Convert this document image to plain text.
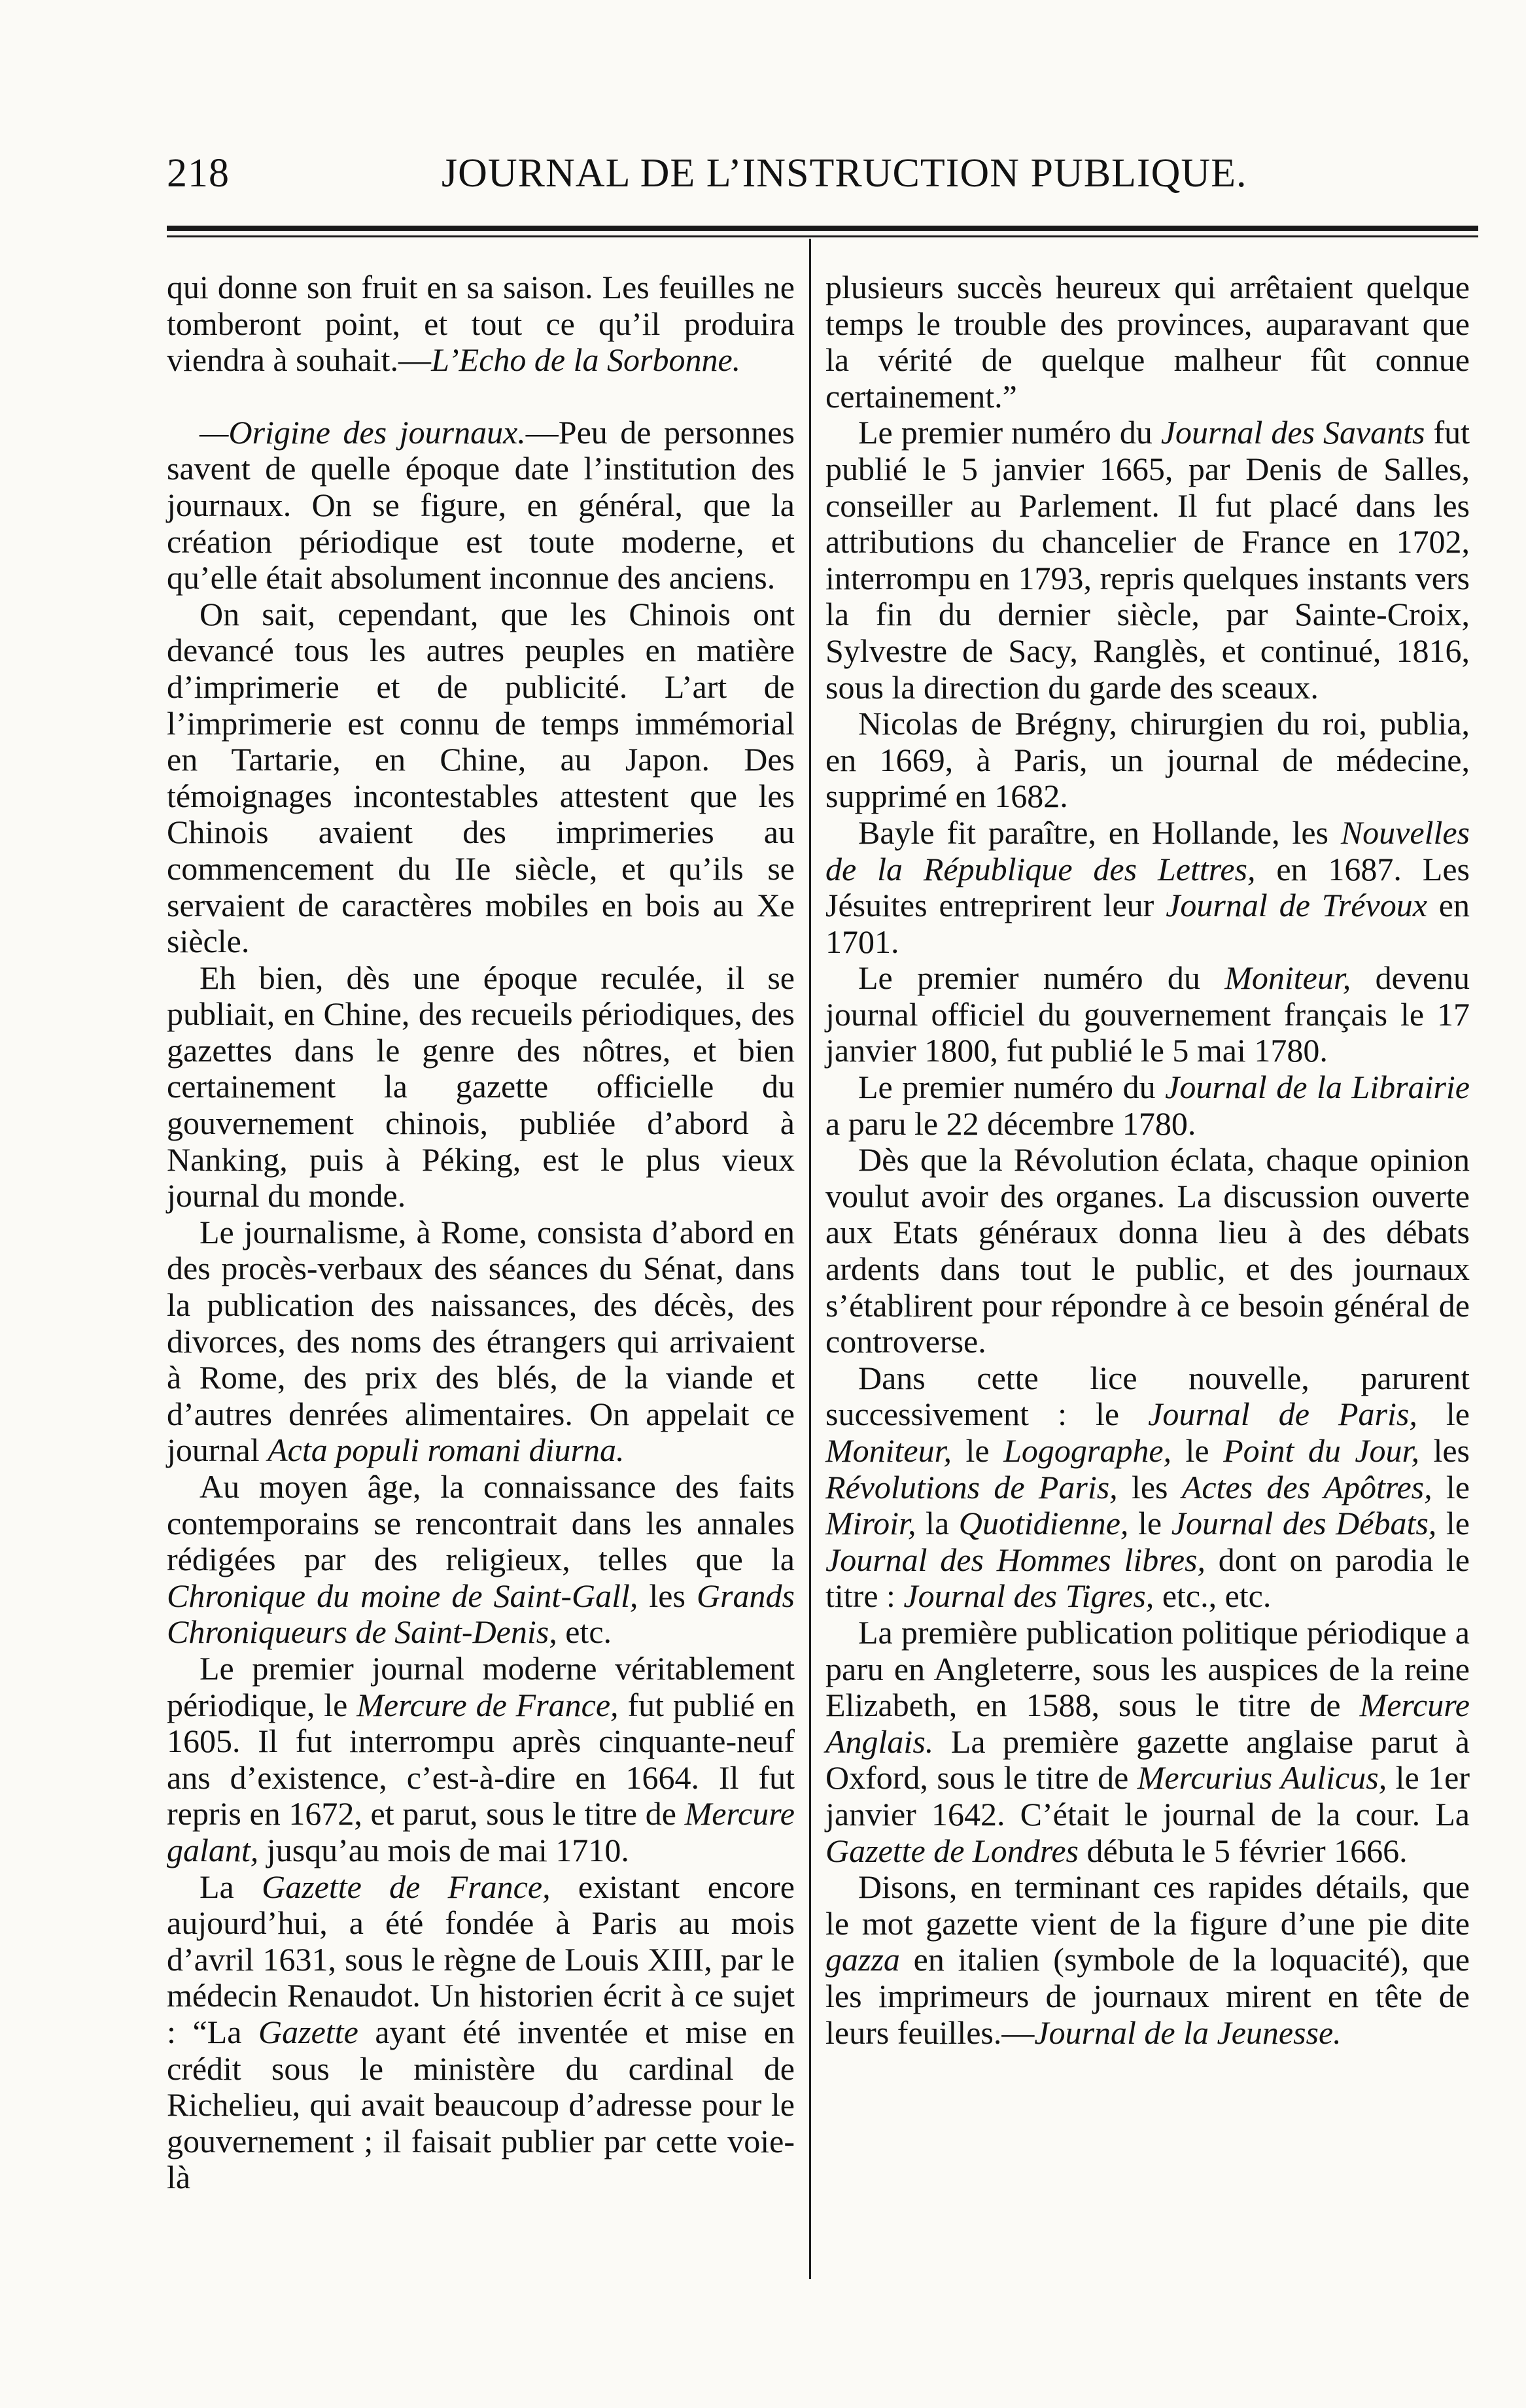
218	JOURNAL DE L’INSTRUCTION PUBLIQUE.

qui donne son fruit en sa saison. Les feuilles ne tomberont point, et tout ce qu’il produira viendra à souhait.—L’Echo de la Sorbonne.

—Origine des journaux.—Peu de personnes savent de quelle époque date l’institution des journaux. On se figure, en général, que la création périodique est toute moderne, et qu’elle était absolument inconnue des anciens.

On sait, cependant, que les Chinois ont devancé tous les autres peuples en matière d’imprimerie et de publicité. L’art de l’imprimerie est connu de temps immémorial en Tartarie, en Chine, au Japon. Des témoignages incontestables attestent que les Chinois avaient des imprimeries au commencement du IIe siècle, et qu’ils se servaient de caractères mobiles en bois au Xe siècle.

Eh bien, dès une époque reculée, il se publiait, en Chine, des recueils périodiques, des gazettes dans le genre des nôtres, et bien certainement la gazette officielle du gouvernement chinois, publiée d’abord à Nanking, puis à Péking, est le plus vieux journal du monde.

Le journalisme, à Rome, consista d’abord en des procès-verbaux des séances du Sénat, dans la publication des naissances, des décès, des divorces, des noms des étrangers qui arrivaient à Rome, des prix des blés, de la viande et d’autres denrées alimentaires. On appelait ce journal Acta populi romani diurna.

Au moyen âge, la connaissance des faits contemporains se rencontrait dans les annales rédigées par des religieux, telles que la Chronique du moine de Saint-Gall, les Grands Chroniqueurs de Saint-Denis, etc.

Le premier journal moderne véritablement périodique, le Mercure de France, fut publié en 1605. Il fut interrompu après cinquante-neuf ans d’existence, c’est-à-dire en 1664. Il fut repris en 1672, et parut, sous le titre de Mercure galant, jusqu’au mois de mai 1710.

La Gazette de France, existant encore aujourd’hui, a été fondée à Paris au mois d’avril 1631, sous le règne de Louis XIII, par le médecin Renaudot. Un historien écrit à ce sujet : “La Gazette ayant été inventée et mise en crédit sous le ministère du cardinal de Richelieu, qui avait beaucoup d’adresse pour le gouvernement ; il faisait publier par cette voie-là

plusieurs succès heureux qui arrêtaient quelque temps le trouble des provinces, auparavant que la vérité de quelque malheur fût connue certainement.”

Le premier numéro du Journal des Savants fut publié le 5 janvier 1665, par Denis de Salles, conseiller au Parlement. Il fut placé dans les attributions du chancelier de France en 1702, interrompu en 1793, repris quelques instants vers la fin du dernier siècle, par Sainte-Croix, Sylvestre de Sacy, Ranglès, et continué, 1816, sous la direction du garde des sceaux.

Nicolas de Brégny, chirurgien du roi, publia, en 1669, à Paris, un journal de médecine, supprimé en 1682.

Bayle fit paraître, en Hollande, les Nouvelles de la République des Lettres, en 1687. Les Jésuites entreprirent leur Journal de Trévoux en 1701.

Le premier numéro du Moniteur, devenu journal officiel du gouvernement français le 17 janvier 1800, fut publié le 5 mai 1780.

Le premier numéro du Journal de la Librairie a paru le 22 décembre 1780.

Dès que la Révolution éclata, chaque opinion voulut avoir des organes. La discussion ouverte aux Etats généraux donna lieu à des débats ardents dans tout le public, et des journaux s’établirent pour répondre à ce besoin général de controverse.

Dans cette lice nouvelle, parurent successivement : le Journal de Paris, le Moniteur, le Logographe, le Point du Jour, les Révolutions de Paris, les Actes des Apôtres, le Miroir, la Quotidienne, le Journal des Débats, le Journal des Hommes libres, dont on parodia le titre : Journal des Tigres, etc., etc.

La première publication politique périodique a paru en Angleterre, sous les auspices de la reine Elizabeth, en 1588, sous le titre de Mercure Anglais. La première gazette anglaise parut à Oxford, sous le titre de Mercurius Aulicus, le 1er janvier 1642. C’était le journal de la cour. La Gazette de Londres débuta le 5 février 1666.

Disons, en terminant ces rapides détails, que le mot gazette vient de la figure d’une pie dite gazza en italien (symbole de la loquacité), que les imprimeurs de journaux mirent en tête de leurs feuilles.—Journal de la Jeunesse.
